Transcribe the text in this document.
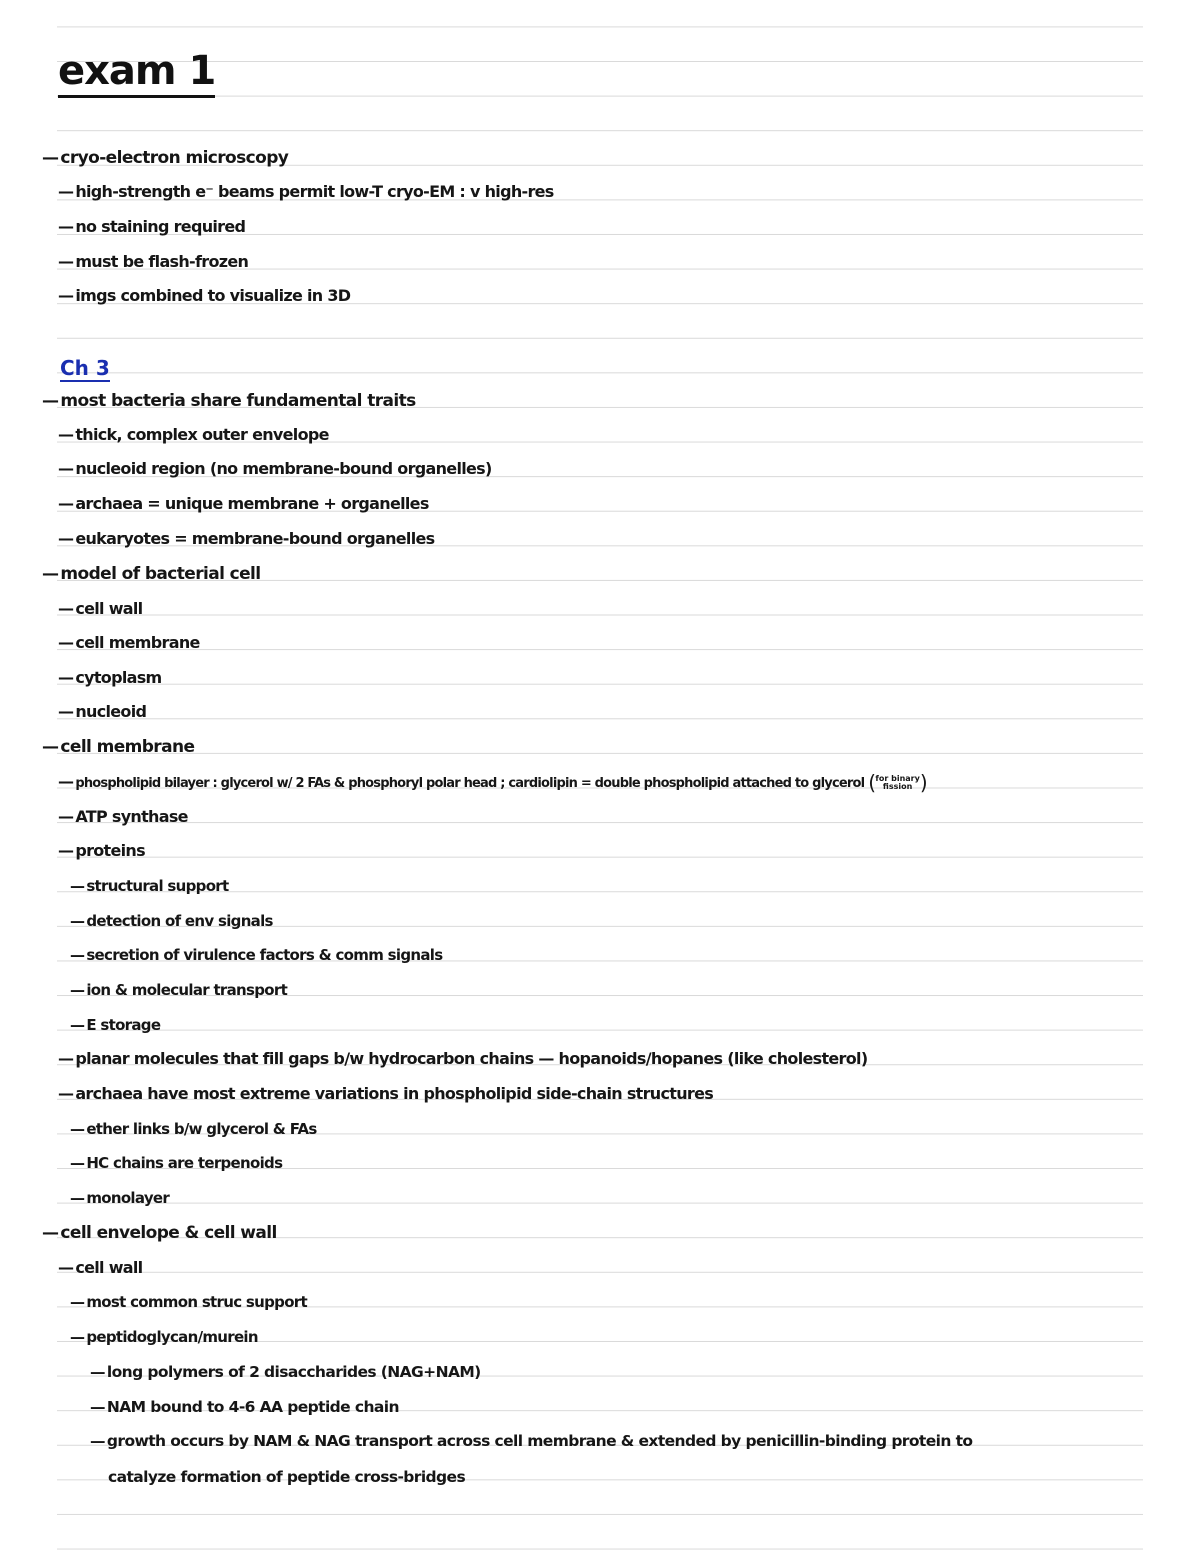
exam 1
Ch 3
— cryo-electron microscopy
— high-strength e⁻ beams permit low-T cryo-EM : v high-res
— no staining required
— must be flash-frozen
— imgs combined to visualize in 3D
— most bacteria share fundamental traits
— thick, complex outer envelope
— nucleoid region (no membrane-bound organelles)
— archaea = unique membrane + organelles
— eukaryotes = membrane-bound organelles
— model of bacterial cell
— cell wall
— cell membrane
— cytoplasm
— nucleoid
— cell membrane
— phospholipid bilayer : glycerol w/ 2 FAs & phosphoryl polar head ; cardiolipin = double phospholipid attached to glycerol (for binary
fission )
— ATP synthase
— proteins
— structural support
— detection of env signals
— secretion of virulence factors & comm signals
— ion & molecular transport
— E storage
— planar molecules that fill gaps b/w hydrocarbon chains — hopanoids/hopanes (like cholesterol)
— archaea have most extreme variations in phospholipid side-chain structures
— ether links b/w glycerol & FAs
— HC chains are terpenoids
— monolayer
— cell envelope & cell wall
— cell wall
— most common struc support
— peptidoglycan/murein
— long polymers of 2 disaccharides (NAG+NAM)
— NAM bound to 4-6 AA peptide chain
— growth occurs by NAM & NAG transport across cell membrane & extended by penicillin-binding protein to
catalyze formation of peptide cross-bridges
